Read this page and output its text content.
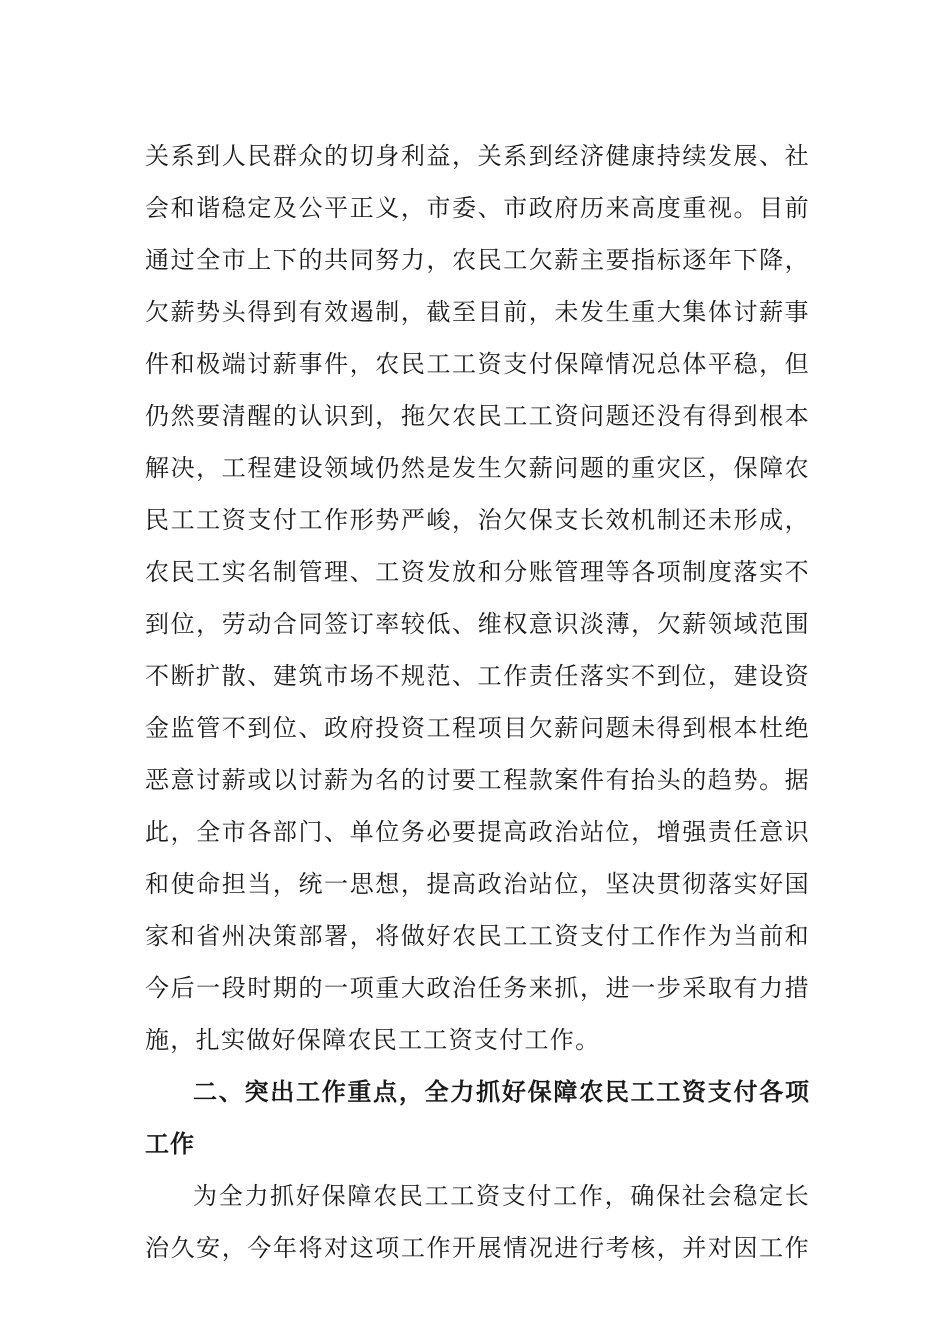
关系到人民群众的切身利益，关系到经济健康持续发展、社
会和谐稳定及公平正义，市委、市政府历来高度重视。目前
通过全市上下的共同努力，农民工欠薪主要指标逐年下降，
欠薪势头得到有效遏制，截至目前，未发生重大集体讨薪事
件和极端讨薪事件，农民工工资支付保障情况总体平稳，但
仍然要清醒的认识到，拖欠农民工工资问题还没有得到根本
解决，工程建设领域仍然是发生欠薪问题的重灾区，保障农
民工工资支付工作形势严峻，治欠保支长效机制还未形成，
农民工实名制管理、工资发放和分账管理等各项制度落实不
到位，劳动合同签订率较低、维权意识淡薄，欠薪领域范围
不断扩散、建筑市场不规范、工作责任落实不到位，建设资
金监管不到位、政府投资工程项目欠薪问题未得到根本杜绝
恶意讨薪或以讨薪为名的讨要工程款案件有抬头的趋势。据
此，全市各部门、单位务必要提高政治站位，增强责任意识
和使命担当，统一思想，提高政治站位，坚决贯彻落实好国
家和省州决策部署，将做好农民工工资支付工作作为当前和
今后一段时期的一项重大政治任务来抓，进一步采取有力措
施，扎实做好保障农民工工资支付工作。
二、突出工作重点，全力抓好保障农民工工资支付各项
工作
为全力抓好保障农民工工资支付工作，确保社会稳定长
治久安，今年将对这项工作开展情况进行考核，并对因工作
